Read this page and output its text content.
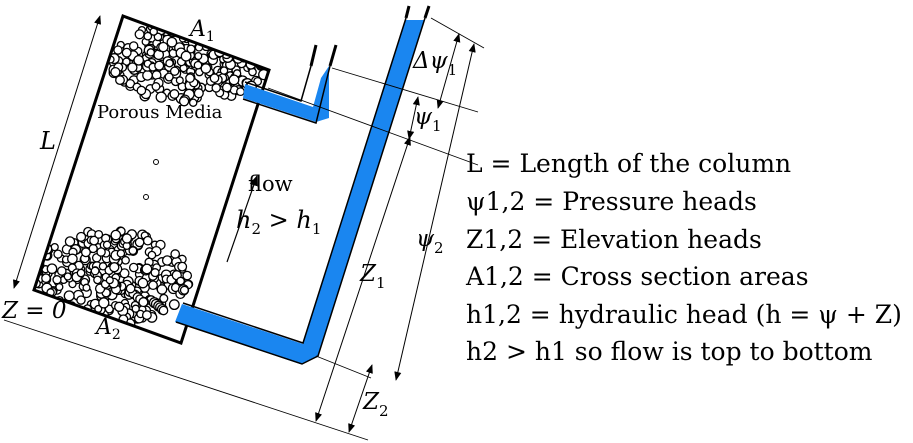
$A_1$
$A_2$
L
Z = 0
Porous Media
flow
$h_2 > h_1$
$\Delta\psi_1$
$\psi_1$
$\psi_2$
$Z_1$
$Z_2$
L = Length of the column
ψ1,2 = Pressure heads
Z1,2 = Elevation heads
A1,2 = Cross section areas
h1,2 = hydraulic head (h = ψ + Z)
h2 > h1 so flow is top to bottom
